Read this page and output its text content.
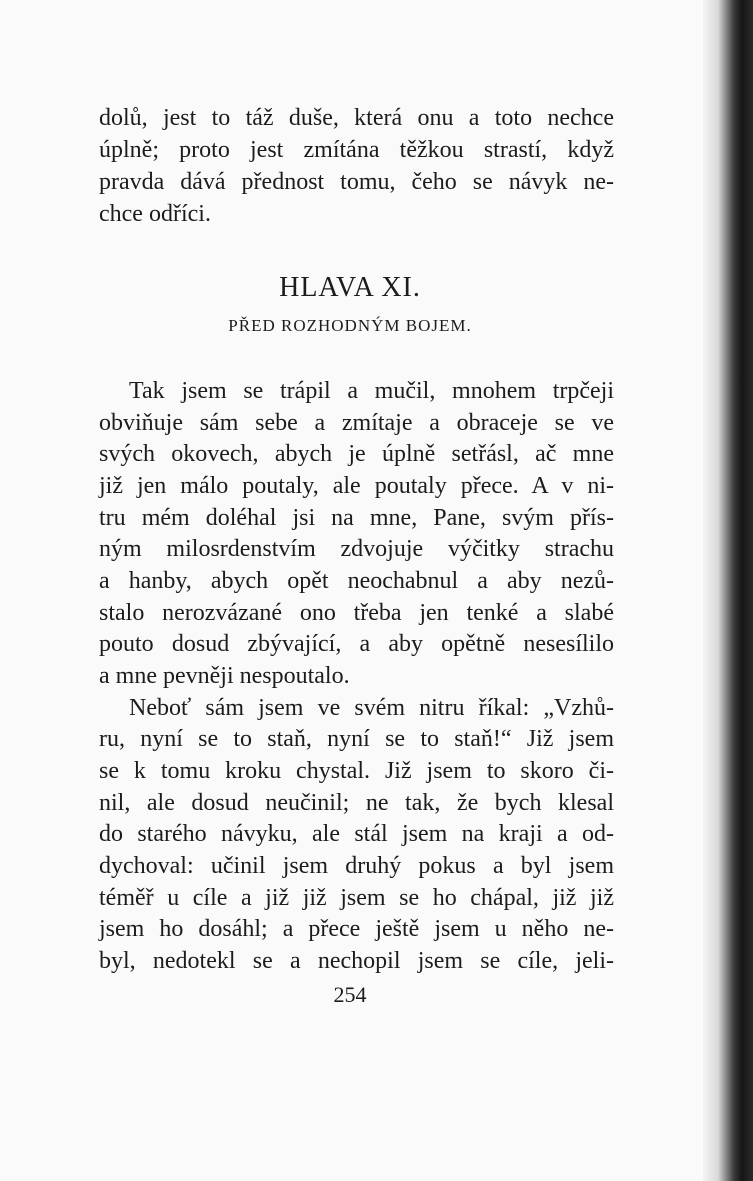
dolů, jest to táž duše, která onu a toto nechce

úplně; proto jest zmítána těžkou strastí, když

pravda dává přednost tomu, čeho se návyk ne-

chce odříci.

HLAVA XI.
PŘED ROZHODNÝM BOJEM.

Tak jsem se trápil a mučil, mnohem trpčeji

obviňuje sám sebe a zmítaje a obraceje se ve

svých okovech, abych je úplně setřásl, ač mne

již jen málo poutaly, ale poutaly přece. A v ni-

tru mém doléhal jsi na mne, Pane, svým přís-

ným milosrdenstvím zdvojuje výčitky strachu

a hanby, abych opět neochabnul a aby nezů-

stalo nerozvázané ono třeba jen tenké a slabé

pouto dosud zbývající, a aby opětně nesesílilo

a mne pevněji nespoutalo.

Neboť sám jsem ve svém nitru říkal: „Vzhů-

ru, nyní se to staň, nyní se to staň!“ Již jsem

se k tomu kroku chystal. Již jsem to skoro či-

nil, ale dosud neučinil; ne tak, že bych klesal

do starého návyku, ale stál jsem na kraji a od-

dychoval: učinil jsem druhý pokus a byl jsem

téměř u cíle a již již jsem se ho chápal, již již

jsem ho dosáhl; a přece ještě jsem u něho ne-

byl, nedotekl se a nechopil jsem se cíle, jeli-

254
